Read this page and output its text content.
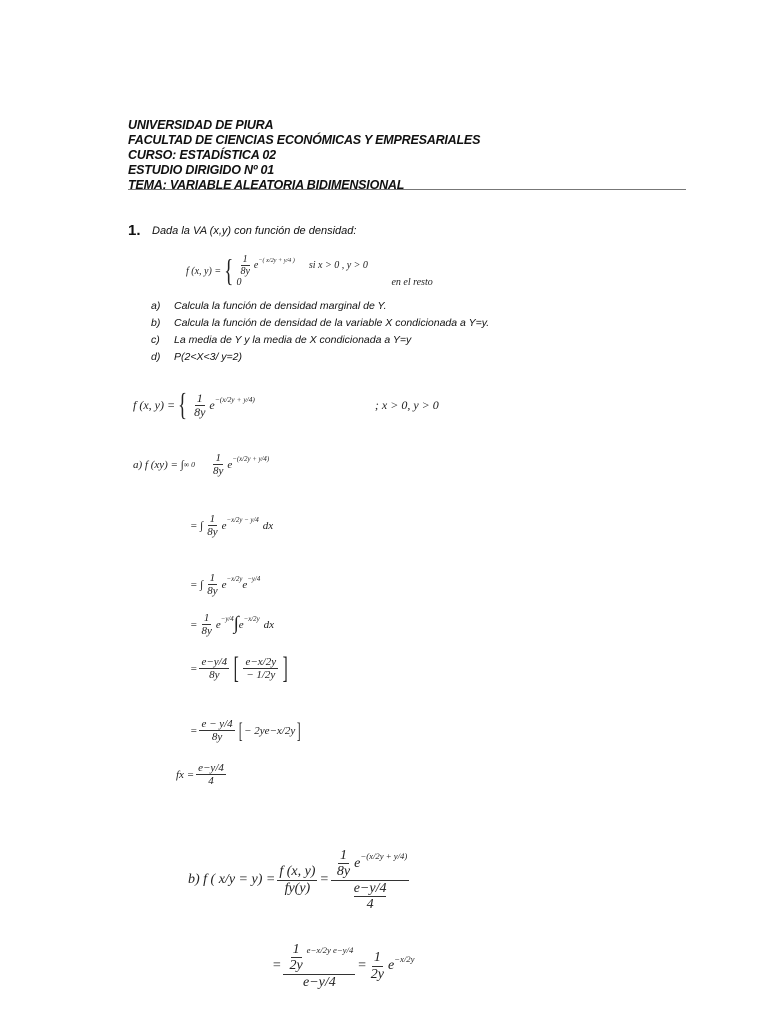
UNIVERSIDAD DE PIURA
FACULTAD DE CIENCIAS ECONÓMICAS Y EMPRESARIALES
CURSO: ESTADÍSTICA 02
ESTUDIO DIRIGIDO Nº 01
TEMA: VARIABLE ALEATORIA BIDIMENSIONAL
1. Dada la VA (x,y) con función de densidad:
f (x, y) = { $\frac{1}{8y}$ e −( x/2y + y/4 ) si x > 0 , y > 0
0	en el resto
a) Calcula la función de densidad marginal de Y.
b) Calcula la función de densidad de la variable X condicionada a Y=y.
c) La media de Y y la media de X condicionada a Y=y
d) P(2<X<3/ y=2)
f (x, y) = { $\frac{1}{8y}$ e −(x/2y + y/4)	; x > 0, y > 0
a) f (xy) = ∫ ∞ $0 \frac{1}{8y}$ e −(x/2y + y/4)
= ∫ $\frac{1}{8y}$ e −x/2y − y/4 dx
= ∫ $\frac{1}{8y}$ e −x/2y e −y/4
= $\frac{1}{8y}$ e −y/4 ∫ e −x/2y dx
= $\frac{e-y/4}{8y}$ [ $\frac{e-x/2y}{- 1/2y}$ ]
= $\frac{e - y/4}{8y}$ [ − 2ye−x/2y ]
fx = $\frac{e-y/4}{4}$
b) f ( $x/y = y) = \frac{f (x, y)}{fy(y)} = \frac{1}{8y}$ e
−(x/2y + y/4)
e−y/4
4
= $\frac{\frac{1}{2y} e-x/2y e-y/4}{e-y/4} = \frac{1}{2y}$ e −x/2y
